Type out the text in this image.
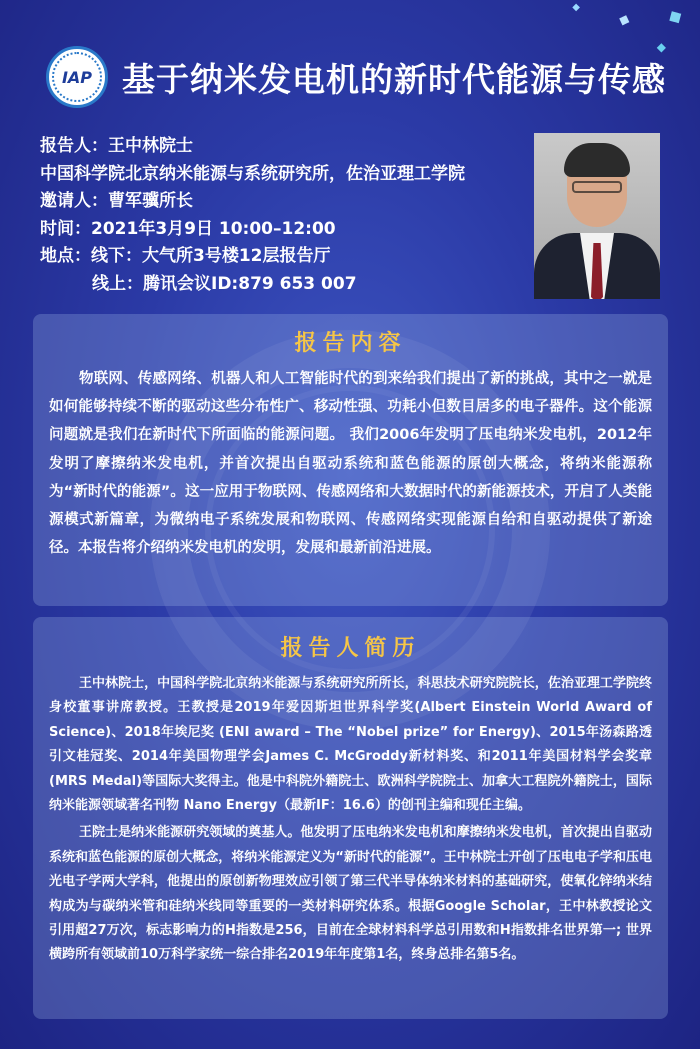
◆
◆
◆
◆
IAP 基于纳米发电机的新时代能源与传感
报告人：王中林院士
中国科学院北京纳米能源与系统研究所，佐治亚理工学院
邀请人：曹军骥所长
时间：2021年3月9日 10:00–12:00
地点：线下：大气所3号楼12层报告厅
线上：腾讯会议ID:879 653 007
报告内容
物联网、传感网络、机器人和人工智能时代的到来给我们提出了新的挑战，其中之一就是如何能够持续不断的驱动这些分布性广、移动性强、功耗小但数目居多的电子器件。这个能源问题就是我们在新时代下所面临的能源问题。 我们2006年发明了压电纳米发电机，2012年发明了摩擦纳米发电机，并首次提出自驱动系统和蓝色能源的原创大概念，将纳米能源称为“新时代的能源”。这一应用于物联网、传感网络和大数据时代的新能源技术，开启了人类能源模式新篇章，为微纳电子系统发展和物联网、传感网络实现能源自给和自驱动提供了新途径。本报告将介绍纳米发电机的发明，发展和最新前沿进展。
报告人简历
王中林院士，中国科学院北京纳米能源与系统研究所所长，科思技术研究院院长，佐治亚理工学院终身校董事讲席教授。王教授是2019年爱因斯坦世界科学奖(Albert Einstein World Award of Science)、2018年埃尼奖 (ENI award – The “Nobel prize” for Energy)、2015年汤森路透引文桂冠奖、2014年美国物理学会James C. McGroddy新材料奖、和2011年美国材料学会奖章(MRS Medal)等国际大奖得主。他是中科院外籍院士、欧洲科学院院士、加拿大工程院外籍院士，国际纳米能源领域著名刊物 Nano Energy（最新IF：16.6）的创刊主编和现任主编。
王院士是纳米能源研究领域的奠基人。他发明了压电纳米发电机和摩擦纳米发电机，首次提出自驱动系统和蓝色能源的原创大概念，将纳米能源定义为“新时代的能源”。王中林院士开创了压电电子学和压电光电子学两大学科，他提出的原创新物理效应引领了第三代半导体纳米材料的基础研究，使氧化锌纳米结构成为与碳纳米管和硅纳米线同等重要的一类材料研究体系。根据Google Scholar，王中林教授论文引用超27万次，标志影响力的H指数是256，目前在全球材料科学总引用数和H指数排名世界第一; 世界横跨所有领域前10万科学家统一综合排名2019年年度第1名，终身总排名第5名。
